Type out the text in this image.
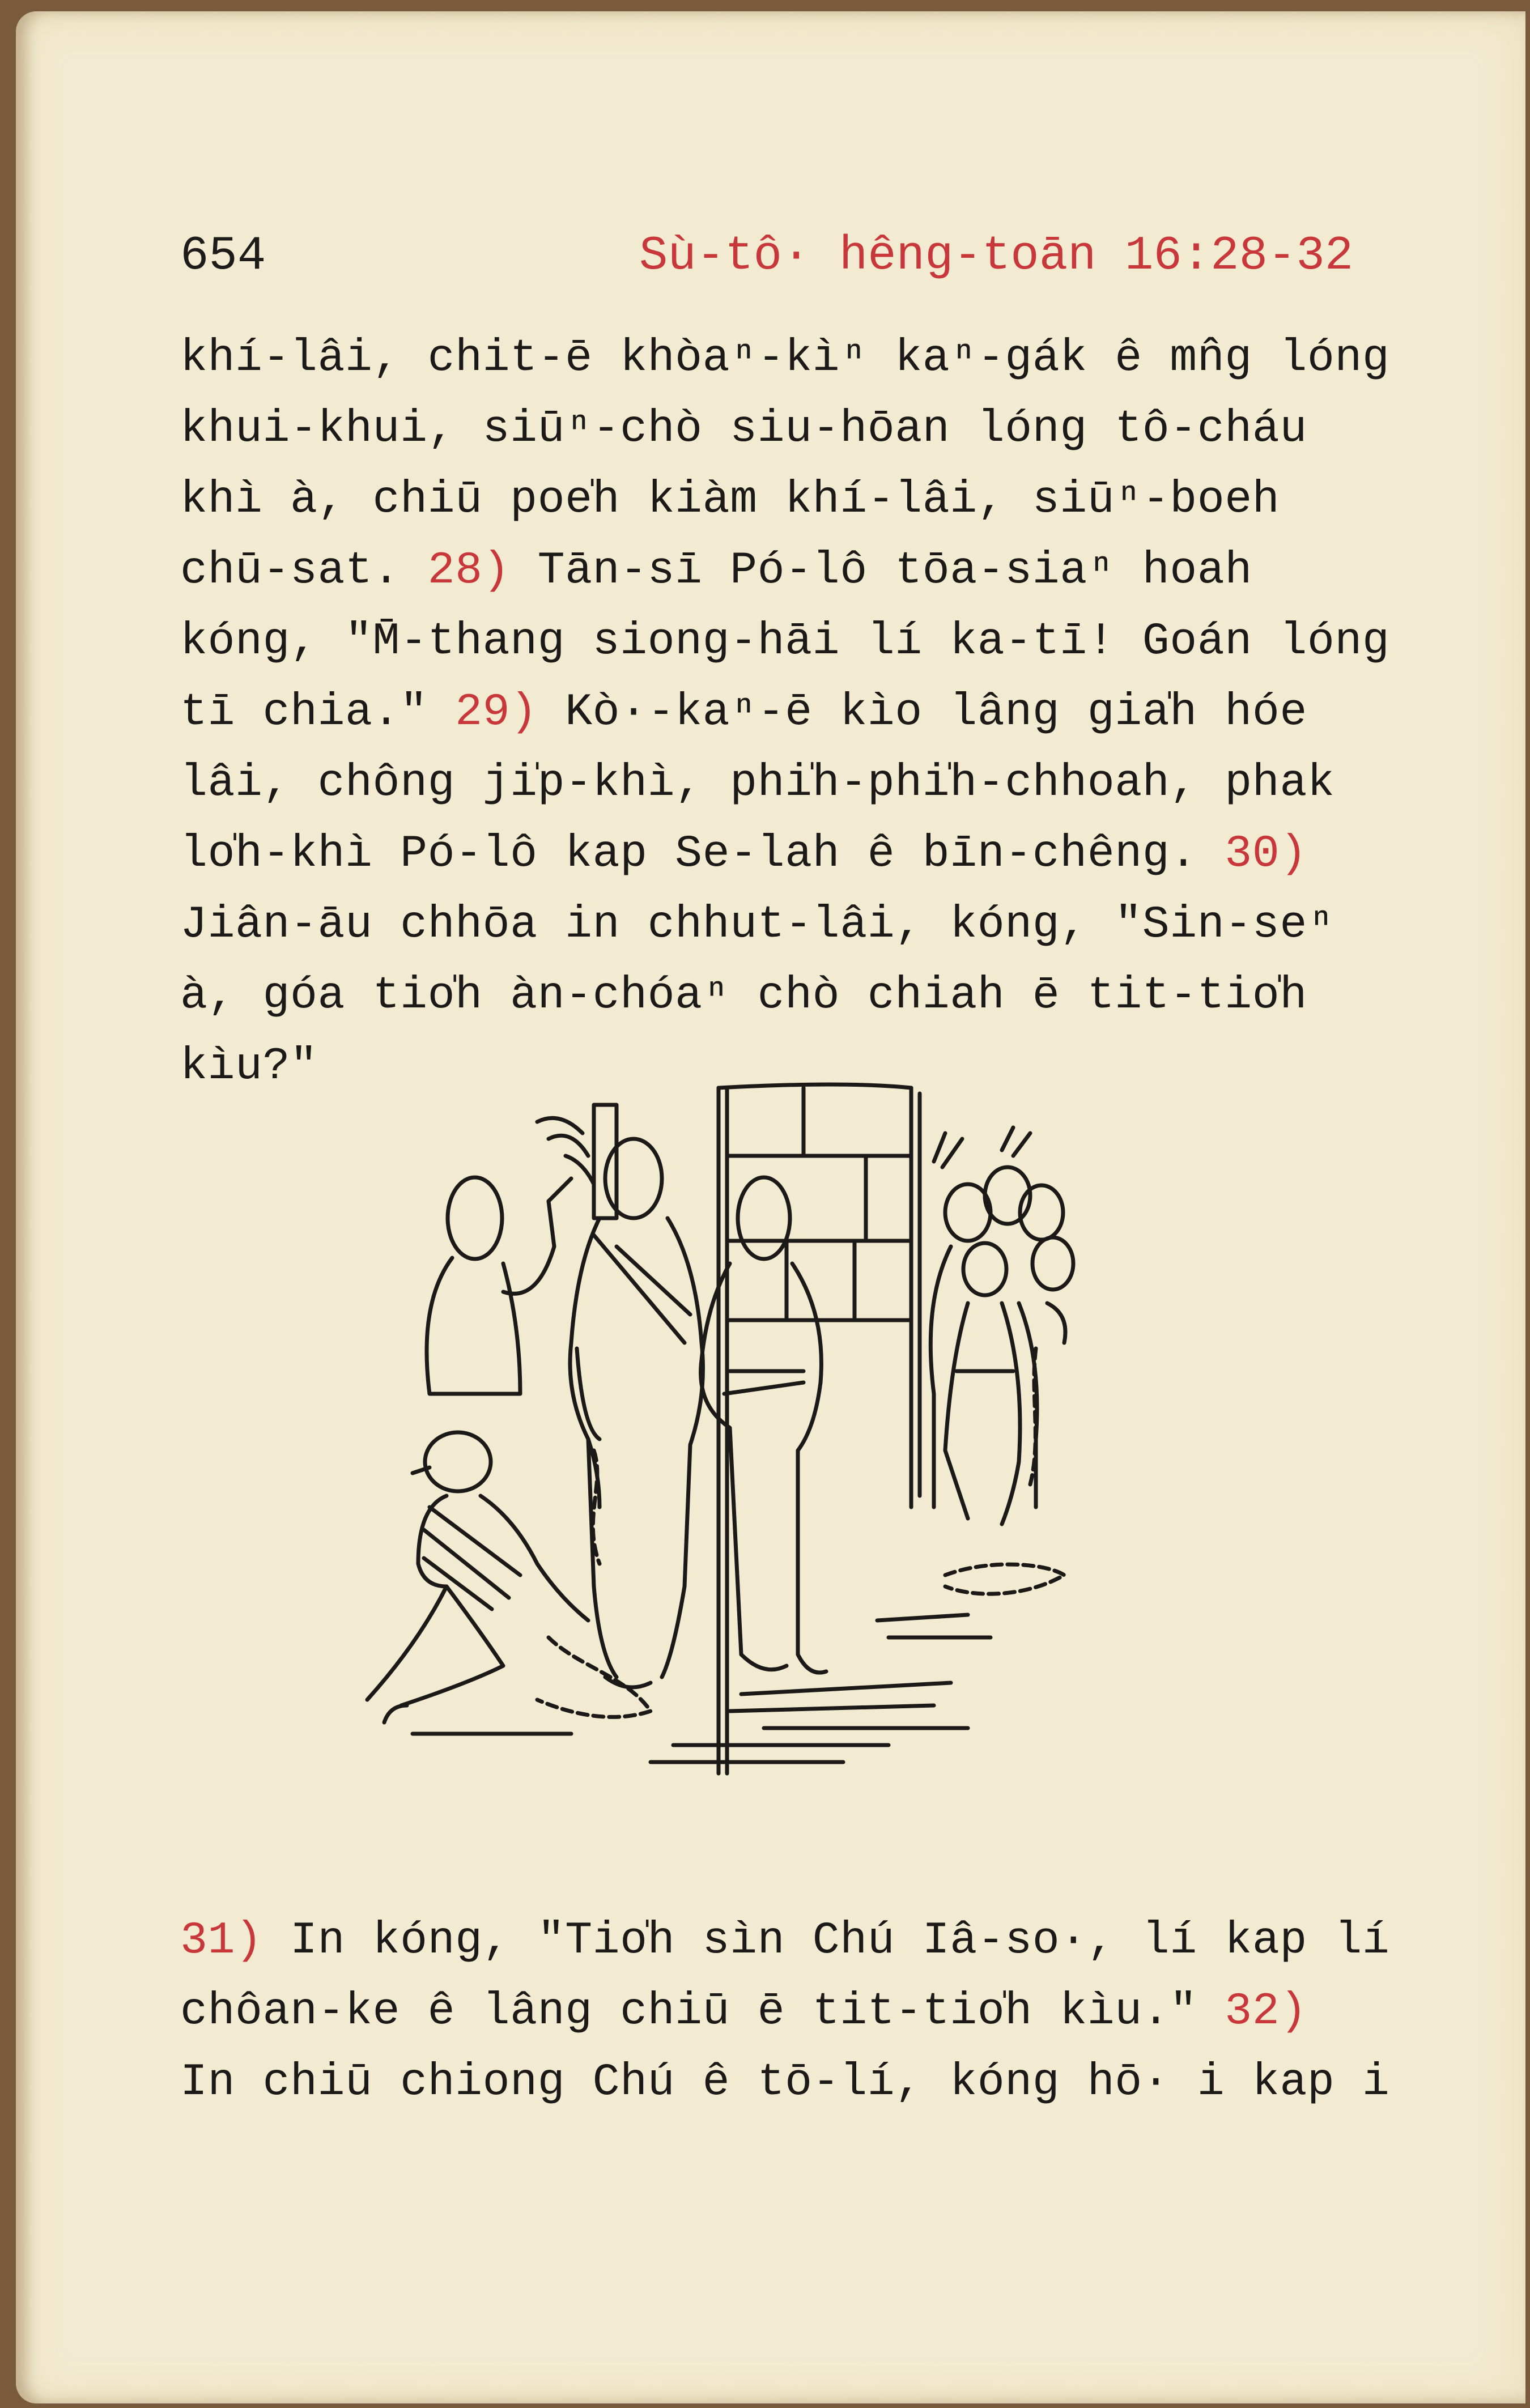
654	Sù-tô· hêng-toān 16:28-32
khí-lâi, chit-ē khòaⁿ-kìⁿ kaⁿ-gák ê mn̂g lóng
khui-khui, siūⁿ-chò siu-hōan lóng tô-cháu
khì à, chiū poe̍h kiàm khí-lâi, siūⁿ-boeh
chū-sat. 28) Tān-sī Pó-lô tōa-siaⁿ hoah
kóng, "M̄-thang siong-hāi lí ka-tī! Goán lóng
tī chia." 29) Kò·-kaⁿ-ē kìo lâng gia̍h hóe
lâi, chông ji̍p-khì, phi̍h-phi̍h-chhoah, phak
lo̍h-khì Pó-lô kap Se-lah ê bīn-chêng. 30)
Jiân-āu chhōa in chhut-lâi, kóng, "Sin-seⁿ
à, góa tio̍h àn-chóaⁿ chò chiah ē tit-tio̍h
kìu?"
31) In kóng, "Tio̍h sìn Chú Iâ-so·, lí kap lí
chôan-ke ê lâng chiū ē tit-tio̍h kìu." 32)
In chiū chiong Chú ê tō-lí, kóng hō· i kap i
